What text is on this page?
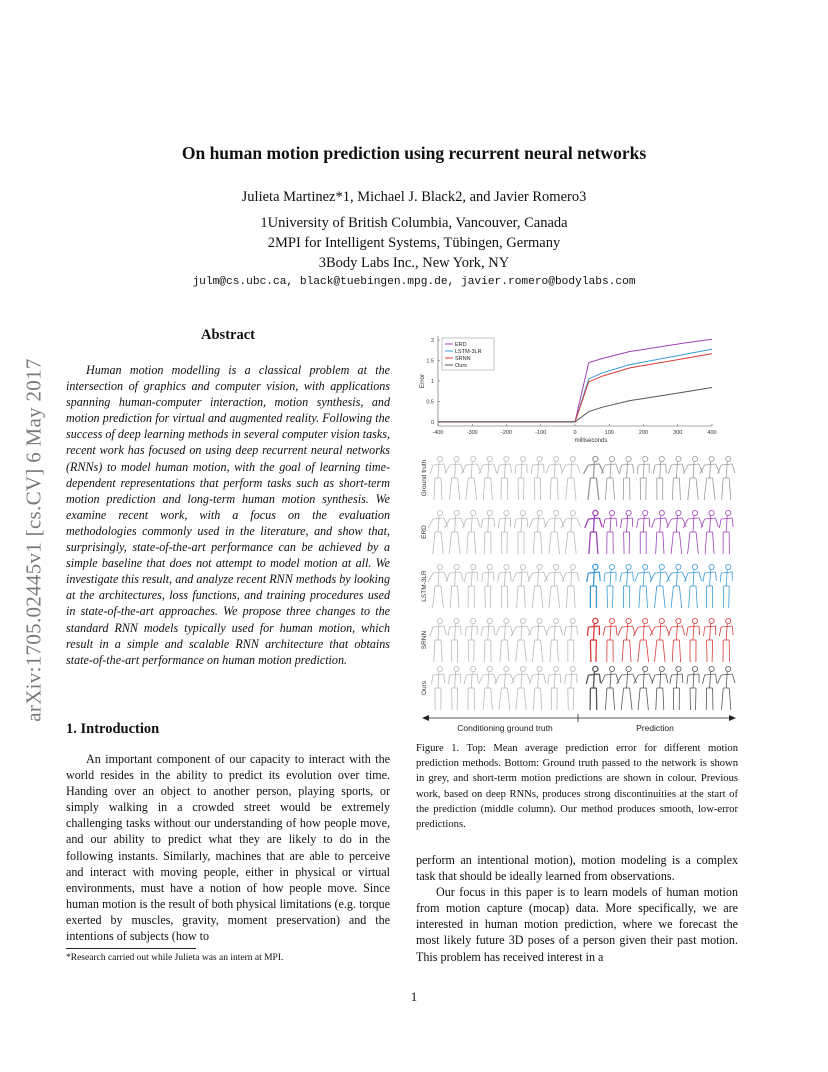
On human motion prediction using recurrent neural networks
Julieta Martinez*1, Michael J. Black2, and Javier Romero3
1University of British Columbia, Vancouver, Canada
2MPI for Intelligent Systems, Tübingen, Germany
3Body Labs Inc., New York, NY
julm@cs.ubc.ca, black@tuebingen.mpg.de, javier.romero@bodylabs.com
arXiv:1705.02445v1 [cs.CV] 6 May 2017
Abstract

Human motion modelling is a classical problem at the intersection of graphics and computer vision, with applications spanning human-computer interaction, motion synthesis, and motion prediction for virtual and augmented reality. Following the success of deep learning methods in several computer vision tasks, recent work has focused on using deep recurrent neural networks (RNNs) to model human motion, with the goal of learning time-dependent representations that perform tasks such as short-term motion prediction and long-term human motion synthesis. We examine recent work, with a focus on the evaluation methodologies commonly used in the literature, and show that, surprisingly, state-of-the-art performance can be achieved by a simple baseline that does not attempt to model motion at all. We investigate this result, and analyze recent RNN methods by looking at the architectures, loss functions, and training procedures used in state-of-the-art approaches. We propose three changes to the standard RNN models typically used for human motion, which result in a simple and scalable RNN architecture that obtains state-of-the-art performance on human motion prediction.

1. Introduction

An important component of our capacity to interact with the world resides in the ability to predict its evolution over time. Handing over an object to another person, playing sports, or simply walking in a crowded street would be extremely challenging tasks without our understanding of how people move, and our ability to predict what they are likely to do in the following instants. Similarly, machines that are able to perceive and interact with moving people, either in physical or virtual environments, must have a notion of how people move. Since human motion is the result of both physical limitations (e.g. torque exerted by muscles, gravity, moment preservation) and the intentions of subjects (how to

*Research carried out while Julieta was an intern at MPI.
-400	-300	-200	-100	0	100	200	300	400
0
0.5
1
1.5
2
milliseconds
Error
ERD
LSTM-3LR
SRNN
Ours
Ground truth
ERD
LSTM-3LR
SRNN
Ours
Conditioning ground truth	Prediction
Figure 1. Top: Mean average prediction error for different motion prediction methods. Bottom: Ground truth passed to the network is shown in grey, and short-term motion predictions are shown in colour. Previous work, based on deep RNNs, produces strong discontinuities at the start of the prediction (middle column). Our method produces smooth, low-error predictions.

perform an intentional motion), motion modeling is a complex task that should be ideally learned from observations.

Our focus in this paper is to learn models of human motion from motion capture (mocap) data. More specifically, we are interested in human motion prediction, where we forecast the most likely future 3D poses of a person given their past motion. This problem has received interest in a

1
